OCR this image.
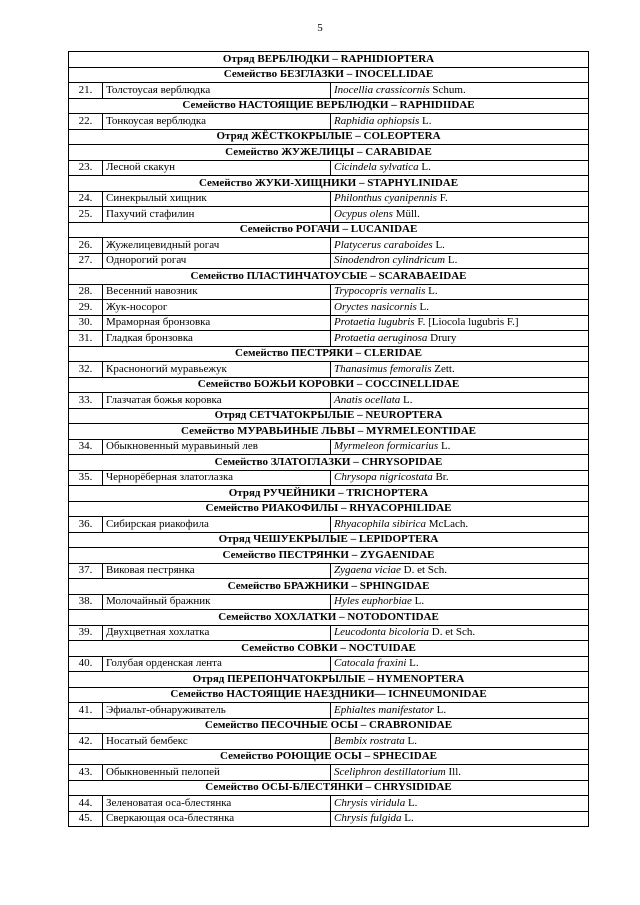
5
Отряд ВЕРБЛЮДКИ – RAPHIDIOPTERA		
Семейство БЕЗГЛАЗКИ – INOCELLIDAE		
21.	Толстоусая верблюдка	Inocellia crassicornis Schum.
Семейство НАСТОЯЩИЕ ВЕРБЛЮДКИ – RAPHIDIIDAE		
22.	Тонкоусая верблюдка	Raphidia ophiopsis L.
Отряд ЖЁСТКОКРЫЛЫЕ – COLEOPTERA		
Семейство ЖУЖЕЛИЦЫ – CARABIDAE		
23.	Лесной скакун	Cicindela sylvatica L.
Семейство ЖУКИ-ХИЩНИКИ – STAPHYLINIDAE		
24.	Синекрылый хищник	Philonthus cyanipennis F.
25.	Пахучий стафилин	Ocypus olens Müll.
Семейство РОГАЧИ – LUCANIDAE		
26.	Жужелицевидный рогач	Platycerus caraboides L.
27.	Однорогий рогач	Sinodendron cylindricum L.
Семейство ПЛАСТИНЧАТОУСЫЕ – SCARABAEIDAE		
28.	Весенний навозник	Trypocopris vernalis L.
29.	Жук-носорог	Oryctes nasicornis L.
30.	Мраморная бронзовка	Protaetia lugubris F. [Liocola lugubris F.]
31.	Гладкая бронзовка	Protaetia aeruginosa Drury
Семейство ПЕСТРЯКИ – CLERIDAE		
32.	Красноногий муравьежук	Thanasimus femoralis Zett.
Семейство БОЖЬИ КОРОВКИ – COCCINELLIDAE		
33.	Глазчатая божья коровка	Anatis ocellata L.
Отряд СЕТЧАТОКРЫЛЫЕ – NEUROPTERA		
Семейство МУРАВЬИНЫЕ ЛЬВЫ – MYRMELEONTIDAE		
34.	Обыкновенный муравьиный лев	Myrmeleon formicarius L.
Семейство ЗЛАТОГЛАЗКИ – CHRYSOPIDAE		
35.	Чернорёберная златоглазка	Chrysopa nigricostata Br.
Отряд РУЧЕЙНИКИ – TRICHOPTERA		
Семейство РИАКОФИЛЫ – RHYACOPHILIDAE		
36.	Сибирская риакофила	Rhyacophila sibirica McLach.
Отряд ЧЕШУЕКРЫЛЫЕ – LEPIDOPTERA		
Семейство ПЕСТРЯНКИ – ZYGAENIDAE		
37.	Виковая пестрянка	Zygaena viciae D. et Sch.
Семейство БРАЖНИКИ – SPHINGIDAE		
38.	Молочайный бражник	Hyles euphorbiae L.
Семейство ХОХЛАТКИ – NOTODONTIDAE		
39.	Двухцветная хохлатка	Leucodonta bicoloria D. et Sch.
Семейство СОВКИ – NOCTUIDAE		
40.	Голубая орденская лента	Catocala fraxini L.
Отряд ПЕРЕПОНЧАТОКРЫЛЫЕ – HYMENOPTERA		
Семейство НАСТОЯЩИЕ НАЕЗДНИКИ— ICHNEUMONIDAE		
41.	Эфиальт-обнаруживатель	Ephialtes manifestator L.
Семейство ПЕСОЧНЫЕ ОСЫ – CRABRONIDAE		
42.	Носатый бембекс	Bembix rostrata L.
Семейство РОЮЩИЕ ОСЫ – SPHECIDAE		
43.	Обыкновенный пелопей	Sceliphron destillatorium Ill.
Семейство ОСЫ-БЛЕСТЯНКИ – CHRYSIDIDAE		
44.	Зеленоватая оса-блестянка	Chrysis viridula L.
45.	Сверкающая оса-блестянка	Chrysis fulgida L.
